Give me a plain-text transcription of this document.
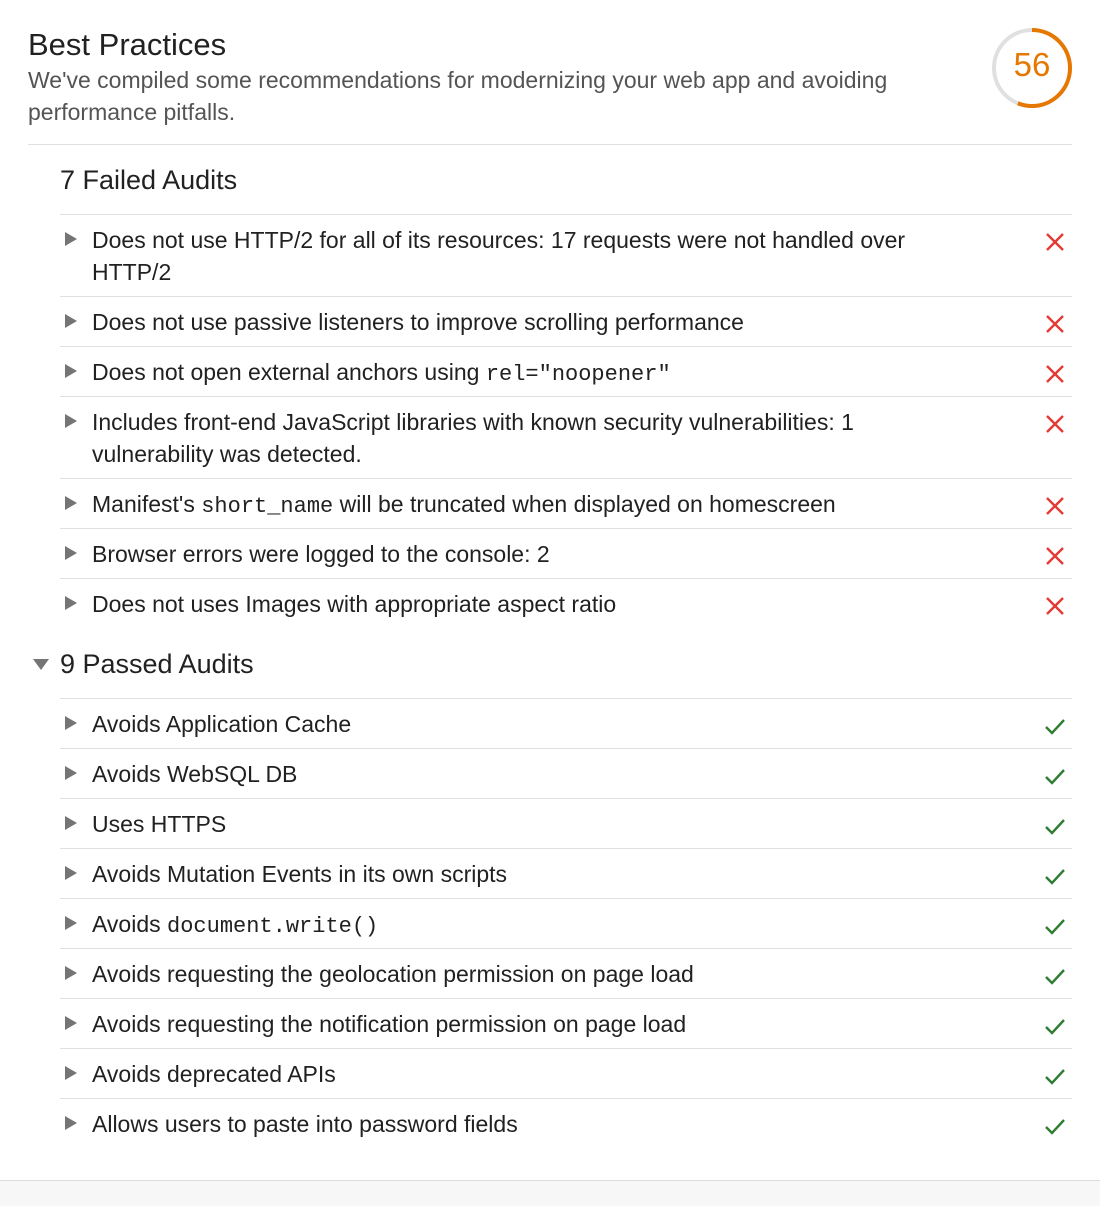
Best Practices
We've compiled some recommendations for modernizing your web app and avoiding performance pitfalls.
56
7 Failed Audits
Does not use HTTP/2 for all of its resources: 17 requests were not handled over HTTP/2
Does not use passive listeners to improve scrolling performance
Does not open external anchors using rel="noopener"
Includes front-end JavaScript libraries with known security vulnerabilities: 1 vulnerability was detected.
Manifest's short_name will be truncated when displayed on homescreen
Browser errors were logged to the console: 2
Does not uses Images with appropriate aspect ratio
9 Passed Audits
Avoids Application Cache
Avoids WebSQL DB
Uses HTTPS
Avoids Mutation Events in its own scripts
Avoids document.write()
Avoids requesting the geolocation permission on page load
Avoids requesting the notification permission on page load
Avoids deprecated APIs
Allows users to paste into password fields
